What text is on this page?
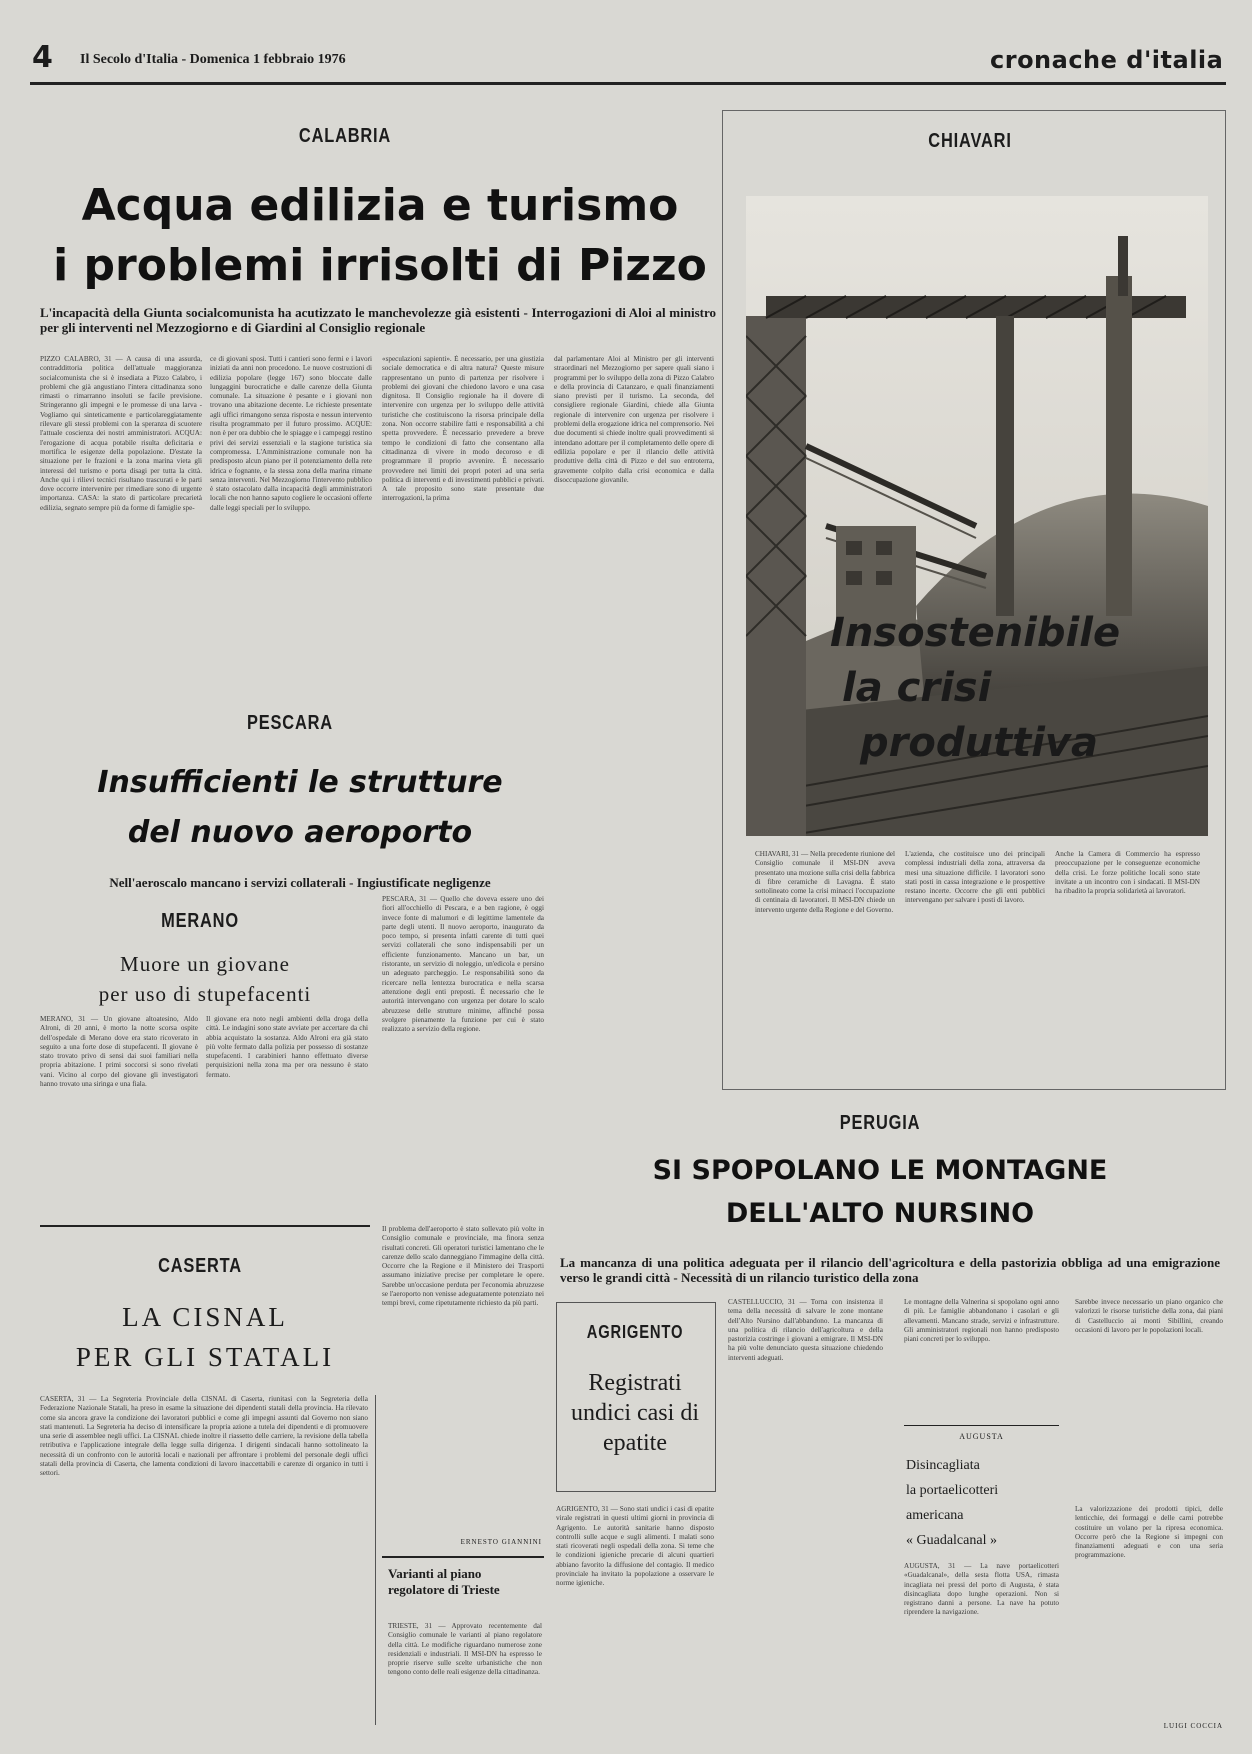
4 Il Secolo d'Italia - Domenica 1 febbraio 1976	cronache d'italia
CALABRIA
Acqua edilizia e turismo
i problemi irrisolti di Pizzo
L'incapacità della Giunta socialcomunista ha acutizzato le manchevolezze già esistenti - Interrogazioni di Aloi al ministro per gli interventi nel Mezzogiorno e di Giardini al Consiglio regionale
PIZZO CALABRO, 31 — A causa di una assurda, contraddittoria politica dell'attuale maggioranza socialcomunista che si è insediata a Pizzo Calabro, i problemi che già angustiano l'intera cittadinanza sono rimasti o rimarranno insoluti se facile previsione. Stringeranno gli impegni e le promesse di una larva - Vogliamo qui sinteticamente e particolareggiatamente rilevare gli stessi problemi con la speranza di scuotere l'attuale coscienza dei nostri amministratori. ACQUA: l'erogazione di acqua potabile risulta deficitaria e mortifica le esigenze della popolazione. D'estate la situazione per le frazioni e la zona marina vieta gli interessi del turismo e porta disagi per tutta la città. Anche qui i rilievi tecnici risultano trascurati e le parti dove occorre intervenire per rimediare sono di urgente importanza. CASA: la stato di particolare precarietà edilizia, segnato sempre più da forme di famiglie spe-
ce di giovani sposi. Tutti i cantieri sono fermi e i lavori iniziati da anni non procedono. Le nuove costruzioni di edilizia popolare (legge 167) sono bloccate dalle lungaggini burocratiche e dalle carenze della Giunta comunale. La situazione è pesante e i giovani non trovano una abitazione decente. Le richieste presentate agli uffici rimangono senza risposta e nessun intervento risulta programmato per il futuro prossimo. ACQUE: non è per ora dubbio che le spiagge e i campeggi restino privi dei servizi essenziali e la stagione turistica sia compromessa. L'Amministrazione comunale non ha predisposto alcun piano per il potenziamento della rete idrica e fognante, e la stessa zona della marina rimane senza interventi. Nel Mezzogiorno l'intervento pubblico è stato ostacolato dalla incapacità degli amministratori locali che non hanno saputo cogliere le occasioni offerte dalle leggi speciali per lo sviluppo.
«speculazioni sapienti». È necessario, per una giustizia sociale democratica e di altra natura? Queste misure rappresentano un punto di partenza per risolvere i problemi dei giovani che chiedono lavoro e una casa dignitosa. Il Consiglio regionale ha il dovere di intervenire con urgenza per lo sviluppo delle attività turistiche che costituiscono la risorsa principale della zona. Non occorre stabilire fatti e responsabilità a chi spetta provvedere. È necessario prevedere a breve tempo le condizioni di fatto che consentano alla cittadinanza di vivere in modo decoroso e di programmare il proprio avvenire. È necessario provvedere nei limiti dei propri poteri ad una seria politica di interventi e di investimenti pubblici e privati. A tale proposito sono state presentate due interrogazioni, la prima
dal parlamentare Aloi al Ministro per gli interventi straordinari nel Mezzogiorno per sapere quali siano i programmi per lo sviluppo della zona di Pizzo Calabro e della provincia di Catanzaro, e quali finanziamenti siano previsti per il turismo. La seconda, del consigliere regionale Giardini, chiede alla Giunta regionale di intervenire con urgenza per risolvere i problemi della erogazione idrica nel comprensorio. Nei due documenti si chiede inoltre quali provvedimenti si intendano adottare per il completamento delle opere di edilizia popolare e per il rilancio delle attività produttive della città di Pizzo e del suo entroterra, gravemente colpito dalla crisi economica e dalla disoccupazione giovanile.
PESCARA
Insufficienti le strutture
del nuovo aeroporto
Nell'aeroscalo mancano i servizi collaterali - Ingiustificate negligenze
PESCARA, 31 — Quello che doveva essere uno dei fiori all'occhiello di Pescara, e a ben ragione, è oggi invece fonte di malumori e di legittime lamentele da parte degli utenti. Il nuovo aeroporto, inaugurato da poco tempo, si presenta infatti carente di tutti quei servizi collaterali che sono indispensabili per un efficiente funzionamento. Mancano un bar, un ristorante, un servizio di noleggio, un'edicola e persino un adeguato parcheggio. Le responsabilità sono da ricercare nella lentezza burocratica e nella scarsa attenzione degli enti preposti. È necessario che le autorità intervengano con urgenza per dotare lo scalo abruzzese delle strutture minime, affinché possa svolgere pienamente la funzione per cui è stato realizzato a servizio della regione.
Il problema dell'aeroporto è stato sollevato più volte in Consiglio comunale e provinciale, ma finora senza risultati concreti. Gli operatori turistici lamentano che le carenze dello scalo danneggiano l'immagine della città. Occorre che la Regione e il Ministero dei Trasporti assumano iniziative precise per completare le opere. Sarebbe un'occasione perduta per l'economia abruzzese se l'aeroporto non venisse adeguatamente potenziato nei tempi brevi, come ripetutamente richiesto da più parti.
MERANO
Muore un giovane
per uso di stupefacenti
MERANO, 31 — Un giovane altoatesino, Aldo Alroni, di 20 anni, è morto la notte scorsa ospite dell'ospedale di Merano dove era stato ricoverato in seguito a una forte dose di stupefacenti. Il giovane è stato trovato privo di sensi dai suoi familiari nella propria abitazione. I primi soccorsi si sono rivelati vani. Vicino al corpo del giovane gli investigatori hanno trovato una siringa e una fiala.
Il giovane era noto negli ambienti della droga della città. Le indagini sono state avviate per accertare da chi abbia acquistato la sostanza. Aldo Alroni era già stato più volte fermato dalla polizia per possesso di sostanze stupefacenti. I carabinieri hanno effettuato diverse perquisizioni nella zona ma per ora nessuno è stato fermato.
CASERTA
LA CISNAL
PER GLI STATALI
CASERTA, 31 — La Segreteria Provinciale della CISNAL di Caserta, riunitasi con la Segreteria della Federazione Nazionale Statali, ha preso in esame la situazione dei dipendenti statali della provincia. Ha rilevato come sia ancora grave la condizione dei lavoratori pubblici e come gli impegni assunti dal Governo non siano stati mantenuti. La Segreteria ha deciso di intensificare la propria azione a tutela dei dipendenti e di promuovere una serie di assemblee negli uffici. La CISNAL chiede inoltre il riassetto delle carriere, la revisione della tabella retributiva e l'applicazione integrale della legge sulla dirigenza. I dirigenti sindacali hanno sottolineato la necessità di un confronto con le autorità locali e nazionali per affrontare i problemi del personale degli uffici statali della provincia di Caserta, che lamenta condizioni di lavoro inaccettabili e carenze di organico in tutti i settori.
ERNESTO GIANNINI
Varianti al piano regolatore di Trieste
TRIESTE, 31 — Approvato recentemente dal Consiglio comunale le varianti al piano regolatore della città. Le modifiche riguardano numerose zone residenziali e industriali. Il MSI-DN ha espresso le proprie riserve sulle scelte urbanistiche che non tengono conto delle reali esigenze della cittadinanza.
CHIAVARI
Insostenibile
la crisi
produttiva
CHIAVARI, 31 — Nella precedente riunione del Consiglio comunale il MSI-DN aveva presentato una mozione sulla crisi della fabbrica di fibre ceramiche di Lavagna. È stato sottolineato come la crisi minacci l'occupazione di centinaia di lavoratori. Il MSI-DN chiede un intervento urgente della Regione e del Governo.
L'azienda, che costituisce uno dei principali complessi industriali della zona, attraversa da mesi una situazione difficile. I lavoratori sono stati posti in cassa integrazione e le prospettive restano incerte. Occorre che gli enti pubblici intervengano per salvare i posti di lavoro.
Anche la Camera di Commercio ha espresso preoccupazione per le conseguenze economiche della crisi. Le forze politiche locali sono state invitate a un incontro con i sindacati. Il MSI-DN ha ribadito la propria solidarietà ai lavoratori.
PERUGIA
SI SPOPOLANO LE MONTAGNE
DELL'ALTO NURSINO
La mancanza di una politica adeguata per il rilancio dell'agricoltura e della pastorizia obbliga ad una emigrazione verso le grandi città - Necessità di un rilancio turistico della zona
CASTELLUCCIO, 31 — Torna con insistenza il tema della necessità di salvare le zone montane dell'Alto Nursino dall'abbandono. La mancanza di una politica di rilancio dell'agricoltura e della pastorizia costringe i giovani a emigrare. Il MSI-DN ha più volte denunciato questa situazione chiedendo interventi adeguati.
Le montagne della Valnerina si spopolano ogni anno di più. Le famiglie abbandonano i casolari e gli allevamenti. Mancano strade, servizi e infrastrutture. Gli amministratori regionali non hanno predisposto piani concreti per lo sviluppo.
Sarebbe invece necessario un piano organico che valorizzi le risorse turistiche della zona, dai piani di Castelluccio ai monti Sibillini, creando occasioni di lavoro per le popolazioni locali.
La valorizzazione dei prodotti tipici, delle lenticchie, dei formaggi e delle carni potrebbe costituire un volano per la ripresa economica. Occorre però che la Regione si impegni con finanziamenti adeguati e con una seria programmazione.
LUIGI COCCIA
AGRIGENTO
Registrati undici casi di epatite
AGRIGENTO, 31 — Sono stati undici i casi di epatite virale registrati in questi ultimi giorni in provincia di Agrigento. Le autorità sanitarie hanno disposto controlli sulle acque e sugli alimenti. I malati sono stati ricoverati negli ospedali della zona. Si teme che le condizioni igieniche precarie di alcuni quartieri abbiano favorito la diffusione del contagio. Il medico provinciale ha invitato la popolazione a osservare le norme igieniche.
AUGUSTA
Disincagliata
la portaelicotteri
americana
« Guadalcanal »
AUGUSTA, 31 — La nave portaelicotteri «Guadalcanal», della sesta flotta USA, rimasta incagliata nei pressi del porto di Augusta, è stata disincagliata dopo lunghe operazioni. Non si registrano danni a persone. La nave ha potuto riprendere la navigazione.
